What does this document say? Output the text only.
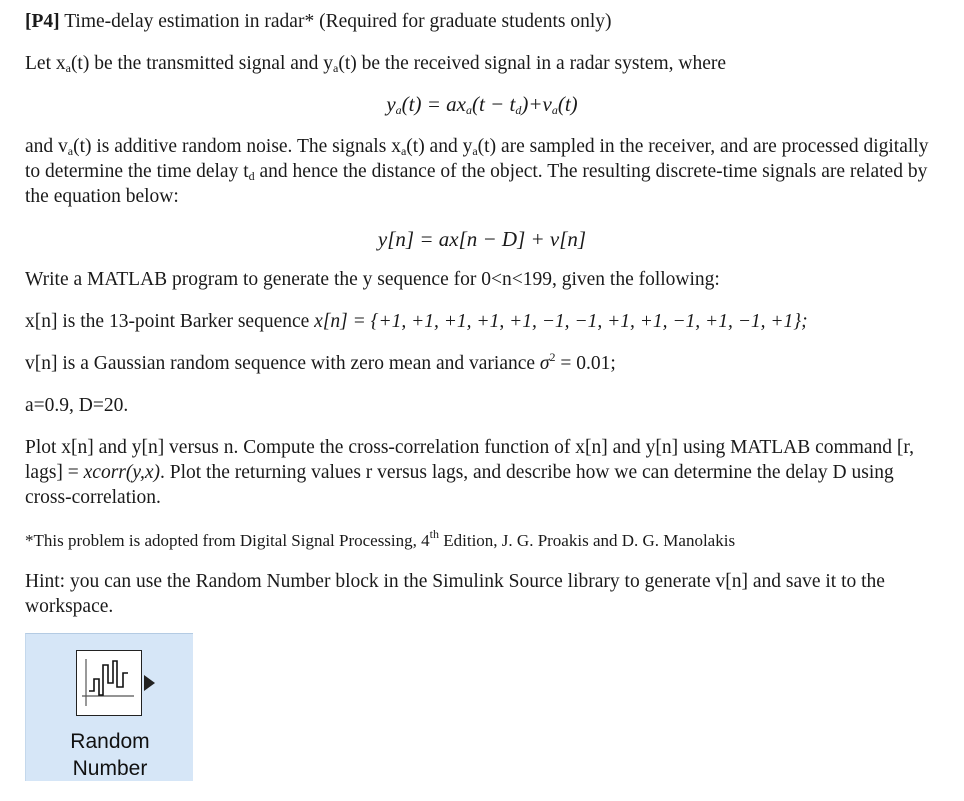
[P4] Time-delay estimation in radar* (Required for graduate students only)

Let $x_a(t)$ be the transmitted signal and $y_a(t)$ be the received signal in a radar system, where

$y_a(t) = ax_a(t - t_d)+v_a(t)$

and $v_a(t)$ is additive random noise. The signals $x_a(t)$ and $y_a(t)$ are sampled in the receiver, and are processed digitally to determine the time delay $t_d$ and hence the distance of the object. The resulting discrete-time signals are related by the equation below:

y[n] = ax[n − D] + v[n]

Write a MATLAB program to generate the y sequence for 0<n<199, given the following:

x[n] is the 13-point Barker sequence x[n] = {+1, +1, +1, +1, +1, −1, −1, +1, +1, −1, +1, −1, +1};

v[n] is a Gaussian random sequence with zero mean and variance $\sigma^2 = 0.01$;

a=0.9, D=20.

Plot x[n] and y[n] versus n. Compute the cross-correlation function of x[n] and y[n] using MATLAB command [r, lags] = xcorr(y,x). Plot the returning values r versus lags, and describe how we can determine the delay D using cross-correlation.

*This problem is adopted from Digital Signal Processing, 4th Edition, J. G. Proakis and D. G. Manolakis

Hint: you can use the Random Number block in the Simulink Source library to generate v[n] and save it to the workspace.

Random
Number
